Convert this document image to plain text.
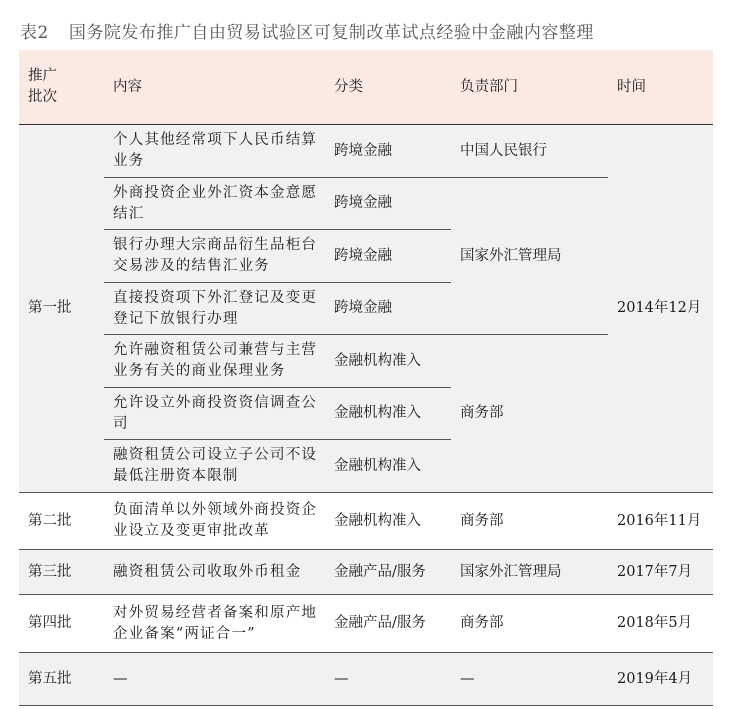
表2 国务院发布推广自由贸易试验区可复制改革试点经验中金融内容整理
推广批次	内容	分类	负责部门	时间
第一批	个人其他经常项下人民币结算业务	跨境金融	中国人民银行	2014年12月
	外商投资企业外汇资本金意愿结汇	跨境金融	国家外汇管理局	
	银行办理大宗商品衍生品柜台交易涉及的结售汇业务	跨境金融		
	直接投资项下外汇登记及变更登记下放银行办理	跨境金融		
	允许融资租赁公司兼营与主营业务有关的商业保理业务	金融机构准入	商务部	
	允许设立外商投资资信调查公司	金融机构准入		
	融资租赁公司设立子公司不设最低注册资本限制	金融机构准入		
第二批	负面清单以外领域外商投资企业设立及变更审批改革	金融机构准入	商务部	2016年11月
第三批	融资租赁公司收取外币租金	金融产品/服务	国家外汇管理局	2017年7月
第四批	对外贸易经营者备案和原产地企业备案“两证合一”	金融产品/服务	商务部	2018年5月
第五批	—	—	—	2019年4月
